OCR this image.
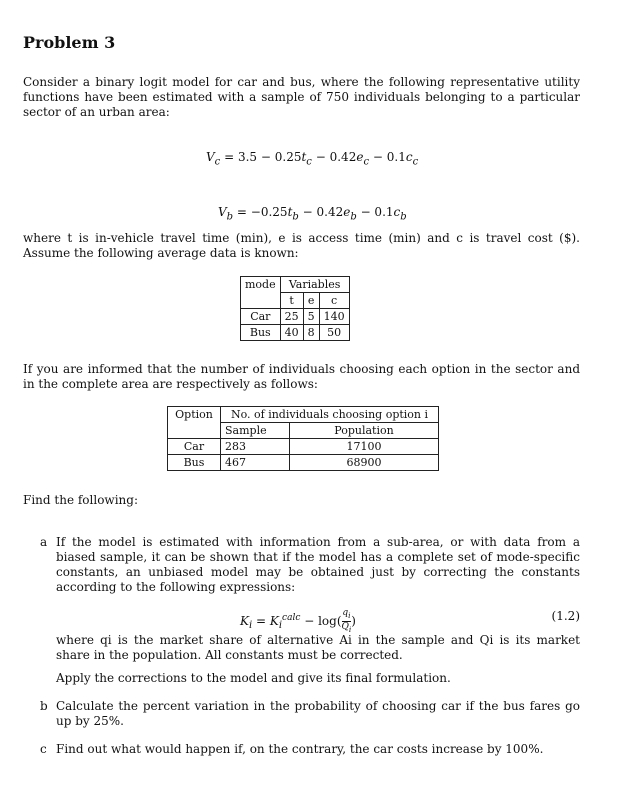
Problem 3
Consider a binary logit model for car and bus, where the following representative utility functions have been estimated with a sample of 750 individuals belonging to a particular sector of an urban area:
$V_c = 3.5 - 0.25t_c - 0.42e_c - 0.1c_c$
$V_b = -0.25t_b - 0.42e_b - 0.1c_b$
where t is in-vehicle travel time (min), e is access time (min) and c is travel cost ($). Assume the following average data is known:
mode	Variables		
	t	e	c
Car	25	5	140
Bus	40	8	50
If you are informed that the number of individuals choosing each option in the sector and in the complete area are respectively as follows:
Option	No. of individuals choosing option i	
	Sample	Population
Car	283	17100
Bus	467	68900
Find the following:
a If the model is estimated with information from a sub-area, or with data from a biased sample, it can be shown that if the model has a complete set of mode-specific constants, an unbiased model may be obtained just by correcting the constants according to the following expressions:
$K_i = K_i^{calc} - \log( \frac{q_i}{Q_i}$ )	(1.2)
where qi is the market share of alternative Ai in the sample and Qi is its market share in the population. All constants must be corrected.
Apply the corrections to the model and give its final formulation.
b Calculate the percent variation in the probability of choosing car if the bus fares go up by 25%.
c Find out what would happen if, on the contrary, the car costs increase by 100%.
